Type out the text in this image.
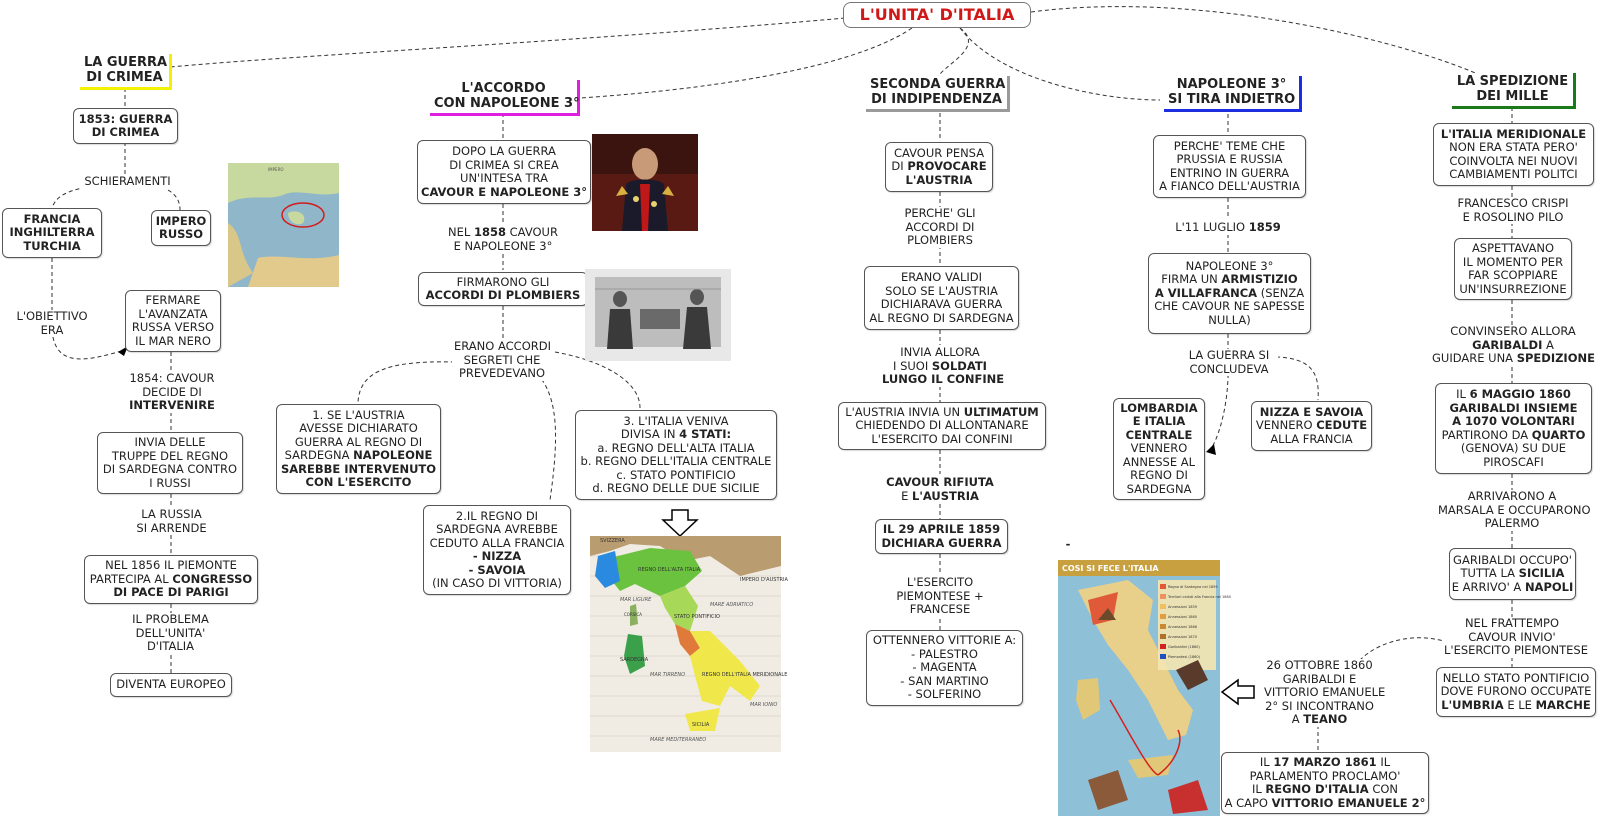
L'UNITA' D'ITALIA
LA GUERRA
DI CRIMEA
1853: GUERRA
DI CRIMEA
SCHIERAMENTI
FRANCIA
INGHILTERRA
TURCHIA
IMPERO
RUSSO
L'OBIETTIVO
ERA
FERMARE
L'AVANZATA
RUSSA VERSO
IL MAR NERO
1854: CAVOUR
DECIDE DI
INTERVENIRE
INVIA DELLE
TRUPPE DEL REGNO
DI SARDEGNA CONTRO
I RUSSI
LA RUSSIA
SI ARRENDE
NEL 1856 IL PIEMONTE
PARTECIPA AL CONGRESSO
DI PACE DI PARIGI
IL PROBLEMA
DELL'UNITA'
D'ITALIA
DIVENTA EUROPEO
IMPERO
L'ACCORDO
CON NAPOLEONE 3°
DOPO LA GUERRA
DI CRIMEA SI CREA
UN'INTESA TRA
CAVOUR E NAPOLEONE 3°
NEL 1858 CAVOUR
E NAPOLEONE 3°
FIRMARONO GLI
ACCORDI DI PLOMBIERS
ERANO ACCORDI
SEGRETI CHE
PREVEDEVANO
1. SE L'AUSTRIA
AVESSE DICHIARATO
GUERRA AL REGNO DI
SARDEGNA NAPOLEONE
SAREBBE INTERVENUTO
CON L'ESERCITO
2.IL REGNO DI
SARDEGNA AVREBBE
CEDUTO ALLA FRANCIA
- NIZZA
- SAVOIA
(IN CASO DI VITTORIA)
3. L'ITALIA VENIVA
DIVISA IN 4 STATI:
a. REGNO DELL'ALTA ITALIA
b. REGNO DELL'ITALIA CENTRALE
c. STATO PONTIFICIO
d. REGNO DELLE DUE SICILIE
MARE MEDITERRANEO
MAR TIRRENO	REGNO DELL'ITALIA MERIDIONALE
REGNO DELL'ALTA ITALIA
STATO PONTIFICIO
SICILIA
MARE ADRIATICO
IMPERO D'AUSTRIA
MAR LIGURE
MAR IONIO
SVIZZERA
SARDEGNA
CORSICA
SECONDA GUERRA
DI INDIPENDENZA
CAVOUR PENSA
DI PROVOCARE
L'AUSTRIA
PERCHE' GLI
ACCORDI DI
PLOMBIERS
ERANO VALIDI
SOLO SE L'AUSTRIA
DICHIARAVA GUERRA
AL REGNO DI SARDEGNA
INVIA ALLORA
I SUOI SOLDATI
LUNGO IL CONFINE
L'AUSTRIA INVIA UN ULTIMATUM
CHIEDENDO DI ALLONTANARE
L'ESERCITO DAI CONFINI
CAVOUR RIFIUTA
E L'AUSTRIA
IL 29 APRILE 1859
DICHIARA GUERRA
L'ESERCITO
PIEMONTESE +
FRANCESE
OTTENNERO VITTORIE A:
- PALESTRO
- MAGENTA
- SAN MARTINO
- SOLFERINO
NAPOLEONE 3°
SI TIRA INDIETRO
PERCHE' TEME CHE
PRUSSIA E RUSSIA
ENTRINO IN GUERRA
A FIANCO DELL'AUSTRIA
L'11 LUGLIO 1859
NAPOLEONE 3°
FIRMA UN ARMISTIZIO
A VILLAFRANCA (SENZA
CHE CAVOUR NE SAPESSE
NULLA)
LA GUERRA SI
CONCLUDEVA
LOMBARDIA
E ITALIA
CENTRALE
VENNERO
ANNESSE AL
REGNO DI
SARDEGNA
NIZZA E SAVOIA
VENNERO CEDUTE
ALLA FRANCIA
26 OTTOBRE 1860
GARIBALDI E
VITTORIO EMANUELE
2° SI INCONTRANO
A TEANO
IL 17 MARZO 1861 IL
PARLAMENTO PROCLAMO'
IL REGNO D'ITALIA CON
A CAPO VITTORIO EMANUELE 2°
-
COSI SI FECE L'ITALIA
Regno di Sardegna nel 1859
Territori ceduti alla Francia nel 1860
Annessioni 1859
Annessioni 1860
Annessioni 1866
Annessioni 1870
Garibaldini (1860)
Piemontesi (1860)
LA SPEDIZIONE
DEI MILLE
L'ITALIA MERIDIONALE
NON ERA STATA PERO'
COINVOLTA NEI NUOVI
CAMBIAMENTI POLITCI
FRANCESCO CRISPI
E ROSOLINO PILO
ASPETTAVANO
IL MOMENTO PER
FAR SCOPPIARE
UN'INSURREZIONE
CONVINSERO ALLORA
GARIBALDI A
GUIDARE UNA SPEDIZIONE
IL 6 MAGGIO 1860
GARIBALDI INSIEME
A 1070 VOLONTARI
PARTIRONO DA QUARTO
(GENOVA) SU DUE
PIROSCAFI
ARRIVARONO A
MARSALA E OCCUPARONO
PALERMO
GARIBALDI OCCUPO'
TUTTA LA SICILIA
E ARRIVO' A NAPOLI
NEL FRATTEMPO
CAVOUR INVIO'
L'ESERCITO PIEMONTESE
NELLO STATO PONTIFICIO
DOVE FURONO OCCUPATE
L'UMBRIA E LE MARCHE
